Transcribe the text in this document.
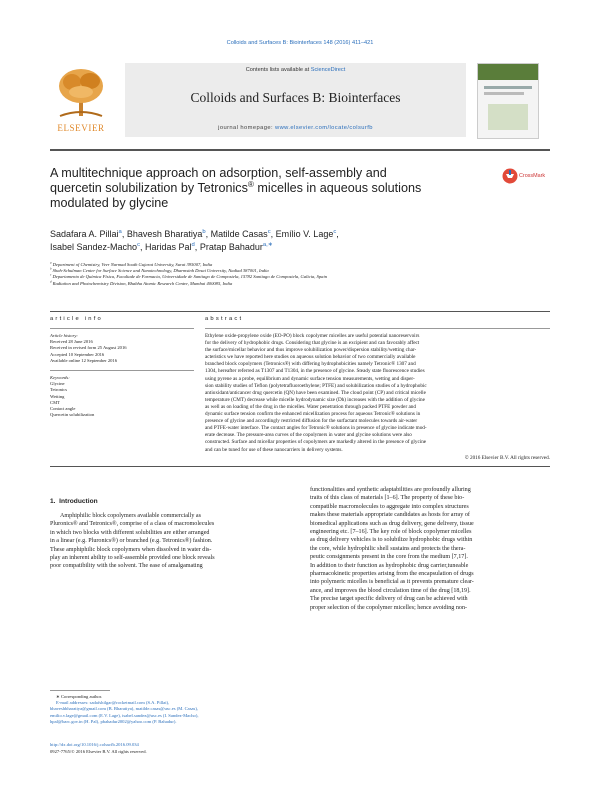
Colloids and Surfaces B: Biointerfaces 148 (2016) 411–421
Contents lists available at ScienceDirect
Colloids and Surfaces B: Biointerfaces
journal homepage: www.elsevier.com/locate/colsurfb
ELSEVIER
A multitechnique approach on adsorption, self-assembly and quercetin solubilization by Tetronics® micelles in aqueous solutions modulated by glycine
CrossMark
Sadafara A. Pillai$^a$, Bhavesh Bharatiya$^b$, Matilde Casas$^c$, Emílio V. Lage$^c$,
Isabel Sandez-Macho$^c$, Haridas Pal$^d$, Pratap Bahadur$^{a,∗}$
$^a$ Department of Chemistry, Veer Narmad South Gujarat University, Surat 395007, India
$^b$ Shah-Schulman Center for Surface Science and Nanotechnology, Dharmsinh Desai University, Nadiad 387001, India
$^c$ Departamento de Química Física, Facultade de Farmacia, Universidade de Santiago de Compostela, 15782 Santiago de Compostela, Galicia, Spain
$^d$ Radiation and Photochemistry Division, Bhabha Atomic Research Centre, Mumbai 400085, India
a r t i c l e   i n f o
Article history:
Received 28 June 2016
Received in revised form 25 August 2016
Accepted 10 September 2016
Available online 12 September 2016
Keywords:
Glycine
Tetronics
Wetting
CMT
Contact angle
Quercetin solubilization
a b s t r a c t
Ethylene oxide-propylene oxide (EO-PO) block copolymer micelles are useful potential nanoreservoirs
for the delivery of hydrophobic drugs. Considering that glycine is an excipient and can favorably affect
the surface/micellar behavior and thus improve solubilization power/dispersion stability/wetting char-
acteristics we have reported here studies on aqueous solution behavior of two commercially available
branched block copolymers (Tetronics®) with differing hydrophobicities namely Tetronic® 1307 and
1304, hereafter referred as T1307 and T1304, in the presence of glycine. Steady state fluorescence studies
using pyrene as a probe, equilibrium and dynamic surface tension measurements, wetting and disper-
sion stability studies of Teflon (polytetrafluoroethylene; PTFE) and solubilization studies of a hydrophobic
antioxidant/anticancer drug quercetin (QN) have been examined. The cloud point (CP) and critical micelle
temperature (CMT) decrease while micelle hydrodynamic size (Dh) increases with the addition of glycine
as well as on loading of the drug in the micelles. Water penetration through packed PTFE powder and
dynamic surface tension confirm the enhanced micellization process for aqueous Tetronic® solutions in
presence of glycine and accordingly restricted diffusion for the surfactant molecules towards air-water
and PTFE-water interface. The contact angles for Tetronic® solutions in presence of glycine indicate mod-
erate decrease. The pressure-area curves of the copolymers in water and glycine solutions were also
constructed. Surface and micellar properties of copolymers are markedly altered in the presence of glycine
and can be tuned for use of these nanocarriers in delivery systems.
© 2016 Elsevier B.V. All rights reserved.
1.  Introduction
Amphiphilic block copolymers available commercially as
Pluronics® and Tetronics®, comprise of a class of macromolecules
in which two blocks with different solubilities are either arranged
in a linear (e.g. Pluronics®) or branched (e.g. Tetronics®) fashion.
These amphiphilic block copolymers when dissolved in water dis-
play an inherent ability to self-assemble provided one block reveals
poor compatibility with the solvent. The ease of amalgamating
functionalities and synthetic adaptabilities are profoundly alluring
traits of this class of materials [1–6]. The property of these bio-
compatible macromolecules to aggregate into complex structures
makes these materials appropriate candidates as hosts for array of
biomedical applications such as drug delivery, gene delivery, tissue
engineering etc. [7–16]. The key role of block copolymer micelles
as drug delivery vehicles is to solubilize hydrophobic drugs within
the core, while hydrophilic shell sustains and protects the thera-
peutic consignments present in the core from the medium [7,17].
In addition to their function as hydrophobic drug carrier,tuneable
pharmacokinetic properties arising from the encapsulation of drugs
into polymeric micelles is beneficial as it prevents premature clear-
ance, and improves the blood circulation time of the drug [18,19].
The precise target specific delivery of drug can be achieved with
proper selection of the copolymer micelles; hence avoiding non-
∗ Corresponding author.
E-mail addresses: sadafshilgar@rocketmail.com (S.A. Pillai),
bhaveshbharatiya@gmail.com (B. Bharatiya), matilde.casas@usc.es (M. Casas),
emilio.v.lage@gmail.com (E.V. Lage), isabel.sandez@usc.es (I. Sandez-Macho),
hpal@barc.gov.in (H. Pal), pbahadur2002@yahoo.com (P. Bahadur).
http://dx.doi.org/10.1016/j.colsurfb.2016.09.034
0927-7765/© 2016 Elsevier B.V. All rights reserved.
